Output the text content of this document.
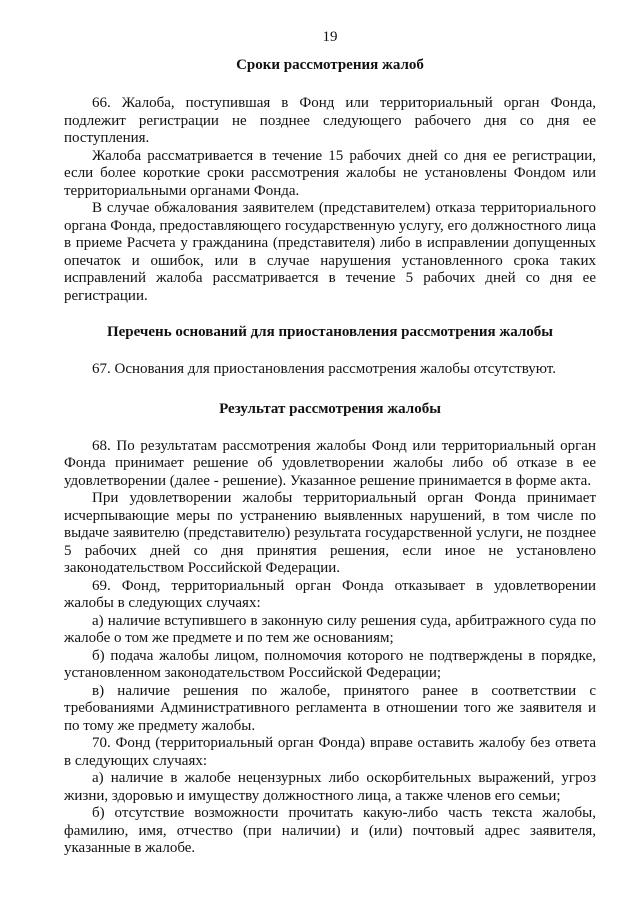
19
Сроки рассмотрения жалоб

66. Жалоба, поступившая в Фонд или территориальный орган Фонда, подлежит регистрации не позднее следующего рабочего дня со дня ее поступления.

Жалоба рассматривается в течение 15 рабочих дней со дня ее регистрации, если более короткие сроки рассмотрения жалобы не установлены Фондом или территориальными органами Фонда.

В случае обжалования заявителем (представителем) отказа территориального органа Фонда, предоставляющего государственную услугу, его должностного лица в приеме Расчета у гражданина (представителя) либо в исправлении допущенных опечаток и ошибок, или в случае нарушения установленного срока таких исправлений жалоба рассматривается в течение 5 рабочих дней со дня ее регистрации.

Перечень оснований для приостановления рассмотрения жалобы

67. Основания для приостановления рассмотрения жалобы отсутствуют.

Результат рассмотрения жалобы

68. По результатам рассмотрения жалобы Фонд или территориальный орган Фонда принимает решение об удовлетворении жалобы либо об отказе в ее удовлетворении (далее - решение). Указанное решение принимается в форме акта.

При удовлетворении жалобы территориальный орган Фонда принимает исчерпывающие меры по устранению выявленных нарушений, в том числе по выдаче заявителю (представителю) результата государственной услуги, не позднее 5 рабочих дней со дня принятия решения, если иное не установлено законодательством Российской Федерации.

69. Фонд, территориальный орган Фонда отказывает в удовлетворении жалобы в следующих случаях:

а) наличие вступившего в законную силу решения суда, арбитражного суда по жалобе о том же предмете и по тем же основаниям;

б) подача жалобы лицом, полномочия которого не подтверждены в порядке, установленном законодательством Российской Федерации;

в) наличие решения по жалобе, принятого ранее в соответствии с требованиями Административного регламента в отношении того же заявителя и по тому же предмету жалобы.

70. Фонд (территориальный орган Фонда) вправе оставить жалобу без ответа в следующих случаях:

а) наличие в жалобе нецензурных либо оскорбительных выражений, угроз жизни, здоровью и имуществу должностного лица, а также членов его семьи;

б) отсутствие возможности прочитать какую-либо часть текста жалобы, фамилию, имя, отчество (при наличии) и (или) почтовый адрес заявителя, указанные в жалобе.
